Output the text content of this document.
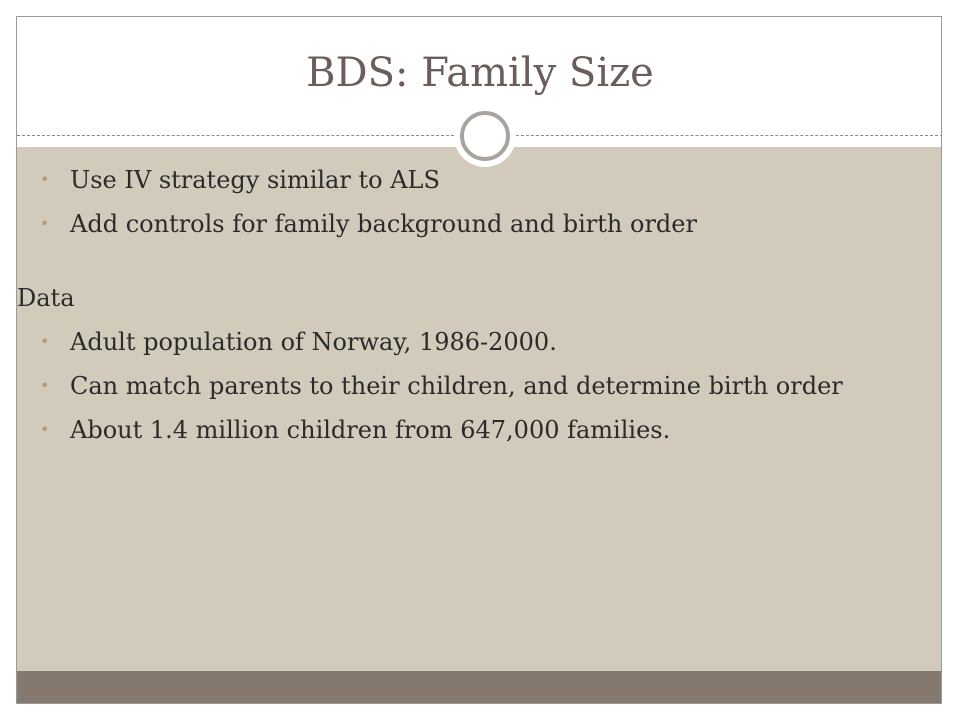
BDS: Family Size
• Use IV strategy similar to ALS
• Add controls for family background and birth order
Data
• Adult population of Norway, 1986-2000.
• Can match parents to their children, and determine birth order
• About 1.4 million children from 647,000 families.
